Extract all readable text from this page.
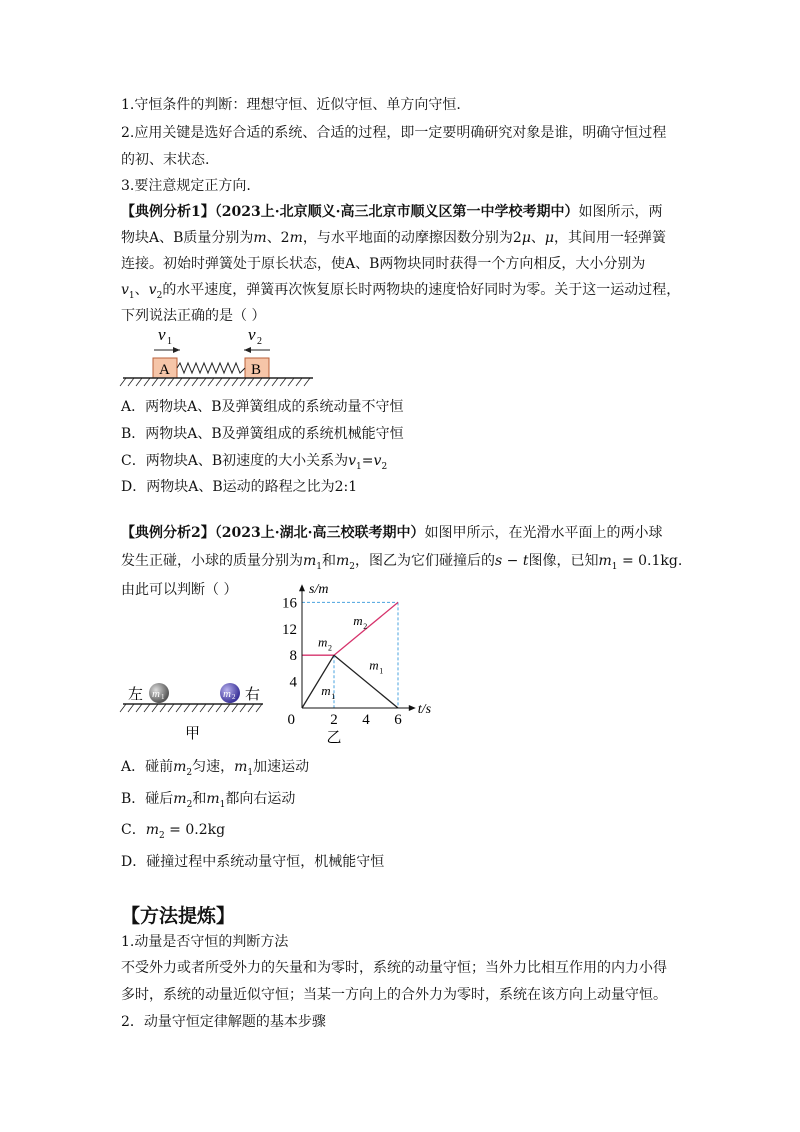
1.守恒条件的判断：理想守恒、近似守恒、单方向守恒.
2.应用关键是选好合适的系统、合适的过程，即一定要明确研究对象是谁，明确守恒过程
的初、末状态.
3.要注意规定正方向.
【典例分析1】（2023上·北京顺义·高三北京市顺义区第一中学校考期中）如图所示，两
物块A、B质量分别为m、2m，与水平地面的动摩擦因数分别为2μ、μ，其间用一轻弹簧
连接。初始时弹簧处于原长状态，使A、B两物块同时获得一个方向相反，大小分别为
$v_1$、$v_2$的水平速度，弹簧再次恢复原长时两物块的速度恰好同时为零。关于这一运动过程，
下列说法正确的是（ ）
v 1	v 2
A	B
A．两物块A、B及弹簧组成的系统动量不守恒
B．两物块A、B及弹簧组成的系统机械能守恒
C．两物块A、B初速度的大小关系为$v_1=v_2$
D．两物块A、B运动的路程之比为2:1
【典例分析2】（2023上·湖北·高三校联考期中）如图甲所示，在光滑水平面上的两小球
发生正碰，小球的质量分别为$m_1$和$m_2$，图乙为它们碰撞后的s − t图像，已知$m_1 = 0.1kg$.
由此可以判断（ ）
左 m 1	m 2 右
甲
s/m
t/s
4
8
12
16
2 4 6
0
m 2
m 2
m 1
m 1
乙
A．碰前$m_2$匀速，$m_1$加速运动
B．碰后$m_2$和$m_1$都向右运动
C．$m_2 = 0.2kg$
D．碰撞过程中系统动量守恒，机械能守恒
【方法提炼】
1.动量是否守恒的判断方法
不受外力或者所受外力的矢量和为零时，系统的动量守恒；当外力比相互作用的内力小得
多时，系统的动量近似守恒；当某一方向上的合外力为零时，系统在该方向上动量守恒。
2．动量守恒定律解题的基本步骤
